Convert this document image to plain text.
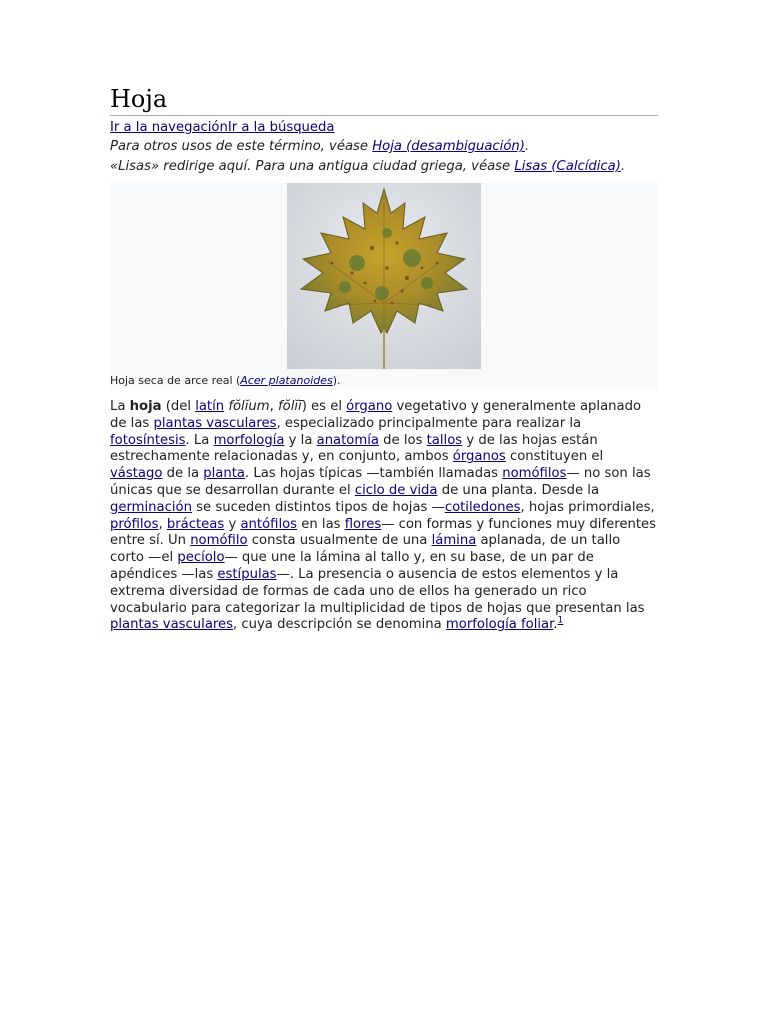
Hoja
Ir a la navegaciónIr a la búsqueda
Para otros usos de este término, véase Hoja (desambiguación).
«Lisas» redirige aquí. Para una antigua ciudad griega, véase Lisas (Calcídica).
Hoja seca de arce real (Acer platanoides).
La hoja (del latín fŏlĭum, fŏlĭī) es el órgano vegetativo y generalmente aplanado de las plantas vasculares, especializado principalmente para realizar la fotosíntesis. La morfología y la anatomía de los tallos y de las hojas están estrechamente relacionadas y, en conjunto, ambos órganos constituyen el vástago de la planta. Las hojas típicas —también llamadas nomófilos— no son las únicas que se desarrollan durante el ciclo de vida de una planta. Desde la germinación se suceden distintos tipos de hojas —cotiledones, hojas primordiales, prófilos, brácteas y antófilos en las flores— con formas y funciones muy diferentes entre sí. Un nomófilo consta usualmente de una lámina aplanada, de un tallo corto —el pecíolo— que une la lámina al tallo y, en su base, de un par de apéndices —las estípulas—. La presencia o ausencia de estos elementos y la extrema diversidad de formas de cada uno de ellos ha generado un rico vocabulario para categorizar la multiplicidad de tipos de hojas que presentan las plantas vasculares, cuya descripción se denomina morfología foliar.$^1$
